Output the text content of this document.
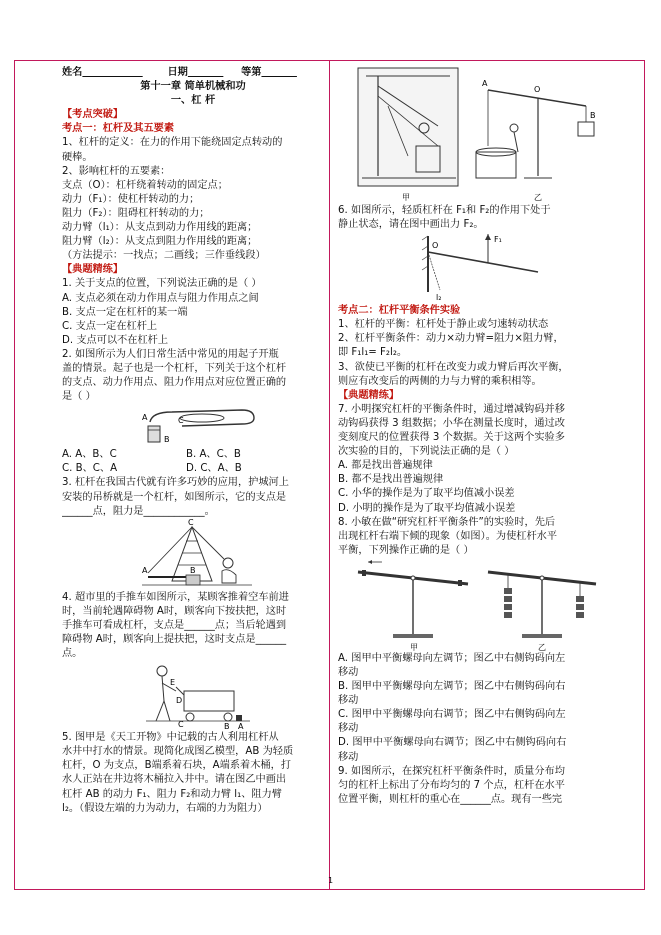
姓名	日期	等第
第十一章 简单机械和功
一、杠 杆
【考点突破】
考点一：杠杆及其五要素
1、杠杆的定义：在力的作用下能绕固定点转动的
硬棒。
2、影响杠杆的五要素：
支点（O）：杠杆绕着转动的固定点；
动力（F₁）：使杠杆转动的力；
阻力（F₂）：阻碍杠杆转动的力；
动力臂（l₁）：从支点到动力作用线的距离；
阻力臂（l₂）：从支点到阻力作用线的距离；
（方法提示：一找点；二画线；三作垂线段）
【典题精练】
1. 关于支点的位置，下列说法正确的是（ ）
A. 支点必须在动力作用点与阻力作用点之间
B. 支点一定在杠杆的某一端
C. 支点一定在杠杆上
D. 支点可以不在杠杆上
2. 如图所示为人们日常生活中常见的用起子开瓶
盖的情景。起子也是一个杠杆，下列关于这个杠杆
的支点、动力作用点、阻力作用点对应位置正确的
是（ ）
A	C
B
A. A、B、C	B. A、C、B
C. B、C、A	D. C、A、B
3. 杠杆在我国古代就有许多巧妙的应用，护城河上
安装的吊桥就是一个杠杆，如图所示，它的支点是
______点，阻力是____________。
C
A	B
4. 超市里的手推车如图所示，某顾客推着空车前进
时，当前轮遇障碍物 A时，顾客向下按扶把，这时
手推车可看成杠杆，支点是______点；当后轮遇到
障碍物 A时，顾客向上提扶把，这时支点是______
点。
E
D
C	B A
5. 图甲是《天工开物》中记载的古人利用杠杆从
水井中打水的情景。现简化成图乙模型，AB 为轻质
杠杆，O 为支点，B端系着石块，A端系着木桶，打
水人正站在井边将木桶拉入井中。请在图乙中画出
杠杆 AB 的动力 F₁、阻力 F₂和动力臂 l₁、阻力臂
l₂。（假设左端的力为动力，右端的力为阻力）
甲
A
O
B
乙
6. 如图所示，轻质杠杆在 F₁和 F₂的作用下处于
静止状态，请在图中画出力 F₂。
O
F₁
l₂
考点二：杠杆平衡条件实验
1、杠杆的平衡：杠杆处于静止或匀速转动状态
2、杠杆平衡条件：动力×动力臂=阻力×阻力臂，
即 F₁l₁= F₂l₂。
3、欲使已平衡的杠杆在改变力或力臂后再次平衡，
则应有改变后的两侧的力与力臂的乘积相等。
【典题精练】
7. 小明探究杠杆的平衡条件时，通过增减钩码并移
动钩码获得 3 组数据；小华在测量长度时，通过改
变刻度尺的位置获得 3 个数据。关于这两个实验多
次实验的目的，下列说法正确的是（ ）
A. 都是找出普遍规律
B. 都不是找出普遍规律
C. 小华的操作是为了取平均值减小误差
D. 小明的操作是为了取平均值减小误差
8. 小敏在做“研究杠杆平衡条件”的实验时，先后
出现杠杆右端下倾的现象（如图）。为使杠杆水平
平衡，下列操作正确的是（ ）
甲	乙
A. 图甲中平衡螺母向左调节；图乙中右侧钩码向左
移动
B. 图甲中平衡螺母向左调节；图乙中右侧钩码向右
移动
C. 图甲中平衡螺母向右调节；图乙中右侧钩码向左
移动
D. 图甲中平衡螺母向右调节；图乙中右侧钩码向右
移动
9. 如图所示，在探究杠杆平衡条件时，质量分布均
匀的杠杆上标出了分布均匀的 7 个点，杠杆在水平
位置平衡，则杠杆的重心在______点。现有一些完
1
